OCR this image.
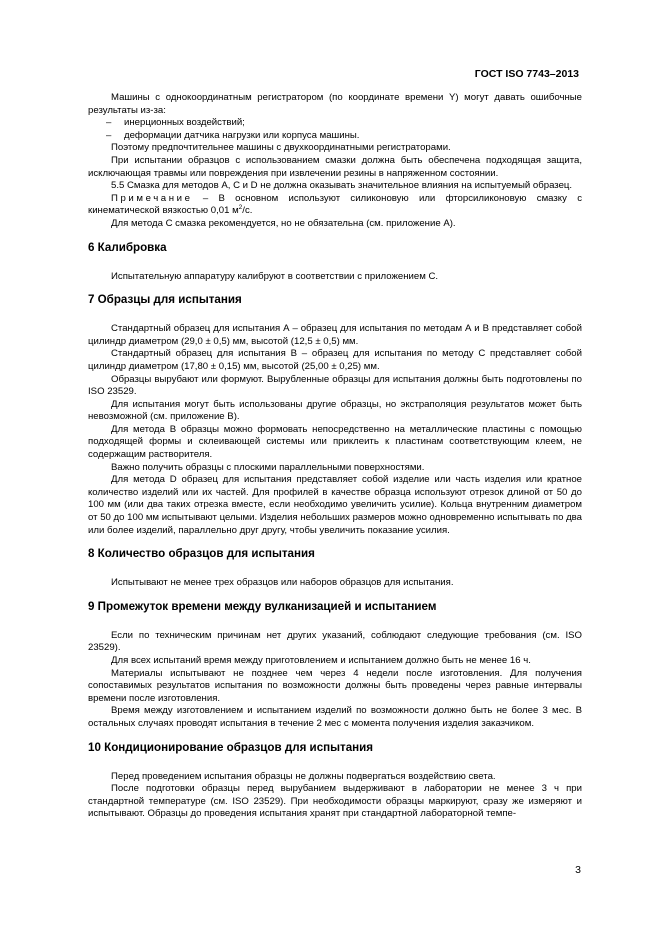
ГОСТ ISO 7743–2013

Машины с однокоординатным регистратором (по координате времени Y) могут давать ошибочные результаты из-за:

– инерционных воздействий;

– деформации датчика нагрузки или корпуса машины.

Поэтому предпочтительнее машины с двухкоординатными регистраторами.

При испытании образцов с использованием смазки должна быть обеспечена подходящая защита, исключающая травмы или повреждения при извлечении резины в напряженном состоянии.

5.5 Смазка для методов А, С и D не должна оказывать значительное влияния на испытуемый образец.

Примечание – В основном используют силиконовую или фторсиликоновую смазку с кинематической вязкостью 0,01 $м^2/с$.

Для метода С смазка рекомендуется, но не обязательна (см. приложение А).

6 Калибровка

Испытательную аппаратуру калибруют в соответствии с приложением С.

7 Образцы для испытания

Стандартный образец для испытания А – образец для испытания по методам А и В представляет собой цилиндр диаметром (29,0 ± 0,5) мм, высотой (12,5 ± 0,5) мм.

Стандартный образец для испытания В – образец для испытания по методу С представляет собой цилиндр диаметром (17,80 ± 0,15) мм, высотой (25,00 ± 0,25) мм.

Образцы вырубают или формуют. Вырубленные образцы для испытания должны быть подготовлены по ISO 23529.

Для испытания могут быть использованы другие образцы, но экстраполяция результатов может быть невозможной (см. приложение В).

Для метода В образцы можно формовать непосредственно на металлические пластины с помощью подходящей формы и склеивающей системы или приклеить к пластинам соответствующим клеем, не содержащим растворителя.

Важно получить образцы с плоскими параллельными поверхностями.

Для метода D образец для испытания представляет собой изделие или часть изделия или кратное количество изделий или их частей. Для профилей в качестве образца используют отрезок длиной от 50 до 100 мм (или два таких отрезка вместе, если необходимо увеличить усилие). Кольца внутренним диаметром от 50 до 100 мм испытывают целыми. Изделия небольших размеров можно одновременно испытывать по два или более изделий, параллельно друг другу, чтобы увеличить показание усилия.

8 Количество образцов для испытания

Испытывают не менее трех образцов или наборов образцов для испытания.

9 Промежуток времени между вулканизацией и испытанием

Если по техническим причинам нет других указаний, соблюдают следующие требования (см. ISO 23529).

Для всех испытаний время между приготовлением и испытанием должно быть не менее 16 ч.

Материалы испытывают не позднее чем через 4 недели после изготовления. Для получения сопоставимых результатов испытания по возможности должны быть проведены через равные интервалы времени после изготовления.

Время между изготовлением и испытанием изделий по возможности должно быть не более 3 мес. В остальных случаях проводят испытания в течение 2 мес с момента получения изделия заказчиком.

10 Кондиционирование образцов для испытания

Перед проведением испытания образцы не должны подвергаться воздействию света.

После подготовки образцы перед вырубанием выдерживают в лаборатории не менее 3 ч при стандартной температуре (см. ISO 23529). При необходимости образцы маркируют, сразу же измеряют и испытывают. Образцы до проведения испытания хранят при стандартной лабораторной темпе-

3
